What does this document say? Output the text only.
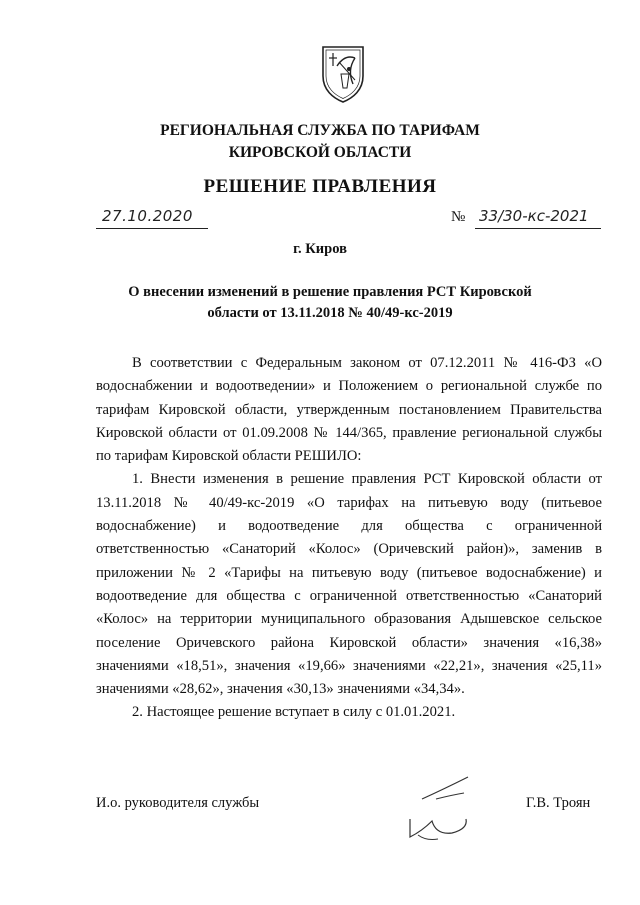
РЕГИОНАЛЬНАЯ СЛУЖБА ПО ТАРИФАМ
КИРОВСКОЙ ОБЛАСТИ
РЕШЕНИЕ ПРАВЛЕНИЯ
27.10.2020	№ 33/30-кс-2021
г. Киров
О внесении изменений в решение правления РСТ Кировской области от 13.11.2018 № 40/49-кс-2019

В соответствии с Федеральным законом от 07.12.2011 № 416-ФЗ «О водоснабжении и водоотведении» и Положением о региональной службе по тарифам Кировской области, утвержденным постановлением Правительства Кировской области от 01.09.2008 № 144/365, правление региональной службы по тарифам Кировской области РЕШИЛО:

1. Внести изменения в решение правления РСТ Кировской области от 13.11.2018 № 40/49-кс-2019 «О тарифах на питьевую воду (питьевое водоснабжение) и водоотведение для общества с ограниченной ответственностью «Санаторий «Колос» (Оричевский район)», заменив в приложении № 2 «Тарифы на питьевую воду (питьевое водоснабжение) и водоотведение для общества с ограниченной ответственностью «Санаторий «Колос» на территории муниципального образования Адышевское сельское поселение Оричевского района Кировской области» значения «16,38» значениями «18,51», значения «19,66» значениями «22,21», значения «25,11» значениями «28,62», значения «30,13» значениями «34,34».

2. Настоящее решение вступает в силу с 01.01.2021.

И.о. руководителя службы	Г.В. Троян
